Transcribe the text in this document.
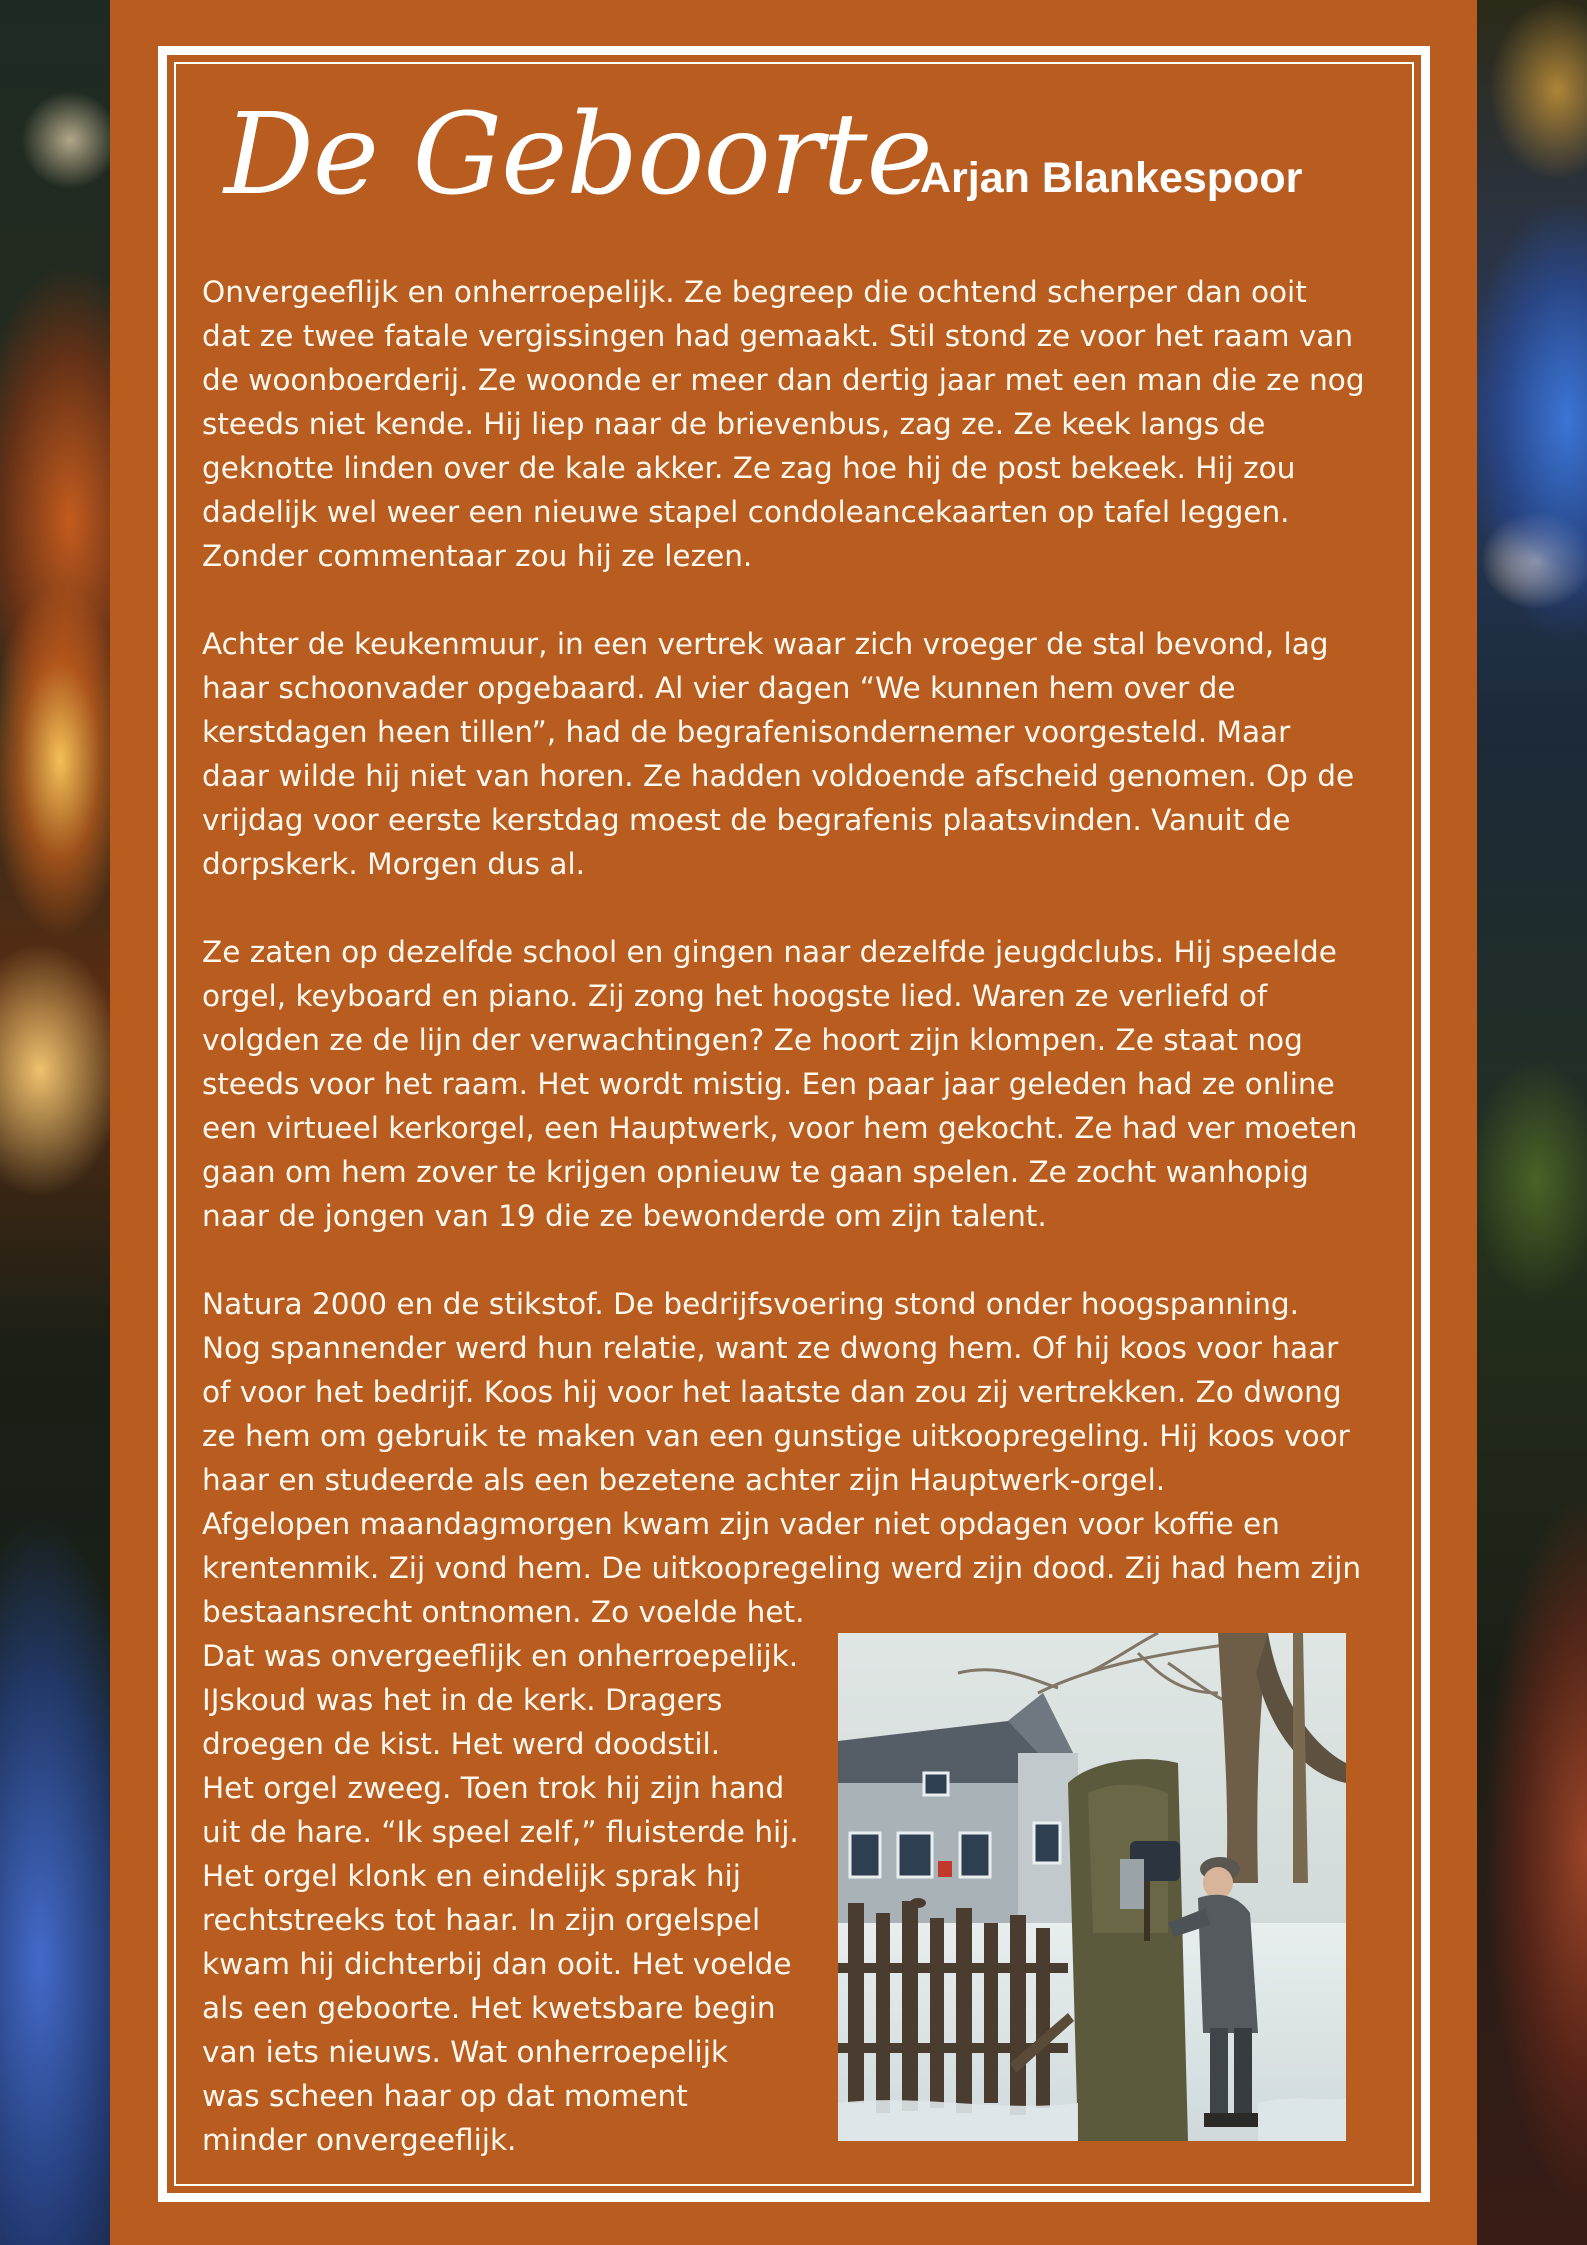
De Geboorte
Arjan Blankespoor

Onvergeeflijk en onherroepelijk. Ze begreep die ochtend scherper dan ooit
dat ze twee fatale vergissingen had gemaakt. Stil stond ze voor het raam van
de woonboerderij. Ze woonde er meer dan dertig jaar met een man die ze nog
steeds niet kende. Hij liep naar de brievenbus, zag ze. Ze keek langs de
geknotte linden over de kale akker. Ze zag hoe hij de post bekeek. Hij zou
dadelijk wel weer een nieuwe stapel condoleancekaarten op tafel leggen.
Zonder commentaar zou hij ze lezen.

Achter de keukenmuur, in een vertrek waar zich vroeger de stal bevond, lag
haar schoonvader opgebaard. Al vier dagen “We kunnen hem over de
kerstdagen heen tillen”, had de begrafenisondernemer voorgesteld. Maar
daar wilde hij niet van horen. Ze hadden voldoende afscheid genomen. Op de
vrijdag voor eerste kerstdag moest de begrafenis plaatsvinden. Vanuit de
dorpskerk. Morgen dus al.

Ze zaten op dezelfde school en gingen naar dezelfde jeugdclubs. Hij speelde
orgel, keyboard en piano. Zij zong het hoogste lied. Waren ze verliefd of
volgden ze de lijn der verwachtingen? Ze hoort zijn klompen. Ze staat nog
steeds voor het raam. Het wordt mistig. Een paar jaar geleden had ze online
een virtueel kerkorgel, een Hauptwerk, voor hem gekocht. Ze had ver moeten
gaan om hem zover te krijgen opnieuw te gaan spelen. Ze zocht wanhopig
naar de jongen van 19 die ze bewonderde om zijn talent.

Natura 2000 en de stikstof. De bedrijfsvoering stond onder hoogspanning.
Nog spannender werd hun relatie, want ze dwong hem. Of hij koos voor haar
of voor het bedrijf. Koos hij voor het laatste dan zou zij vertrekken. Zo dwong
ze hem om gebruik te maken van een gunstige uitkoopregeling. Hij koos voor
haar en studeerde als een bezetene achter zijn Hauptwerk-orgel.
Afgelopen maandagmorgen kwam zijn vader niet opdagen voor koffie en
krentenmik. Zij vond hem. De uitkoopregeling werd zijn dood. Zij had hem zijn
bestaansrecht ontnomen. Zo voelde het.

Dat was onvergeeflijk en onherroepelijk.
IJskoud was het in de kerk. Dragers
droegen de kist. Het werd doodstil.
Het orgel zweeg. Toen trok hij zijn hand
uit de hare. “Ik speel zelf,” fluisterde hij.
Het orgel klonk en eindelijk sprak hij
rechtstreeks tot haar. In zijn orgelspel
kwam hij dichterbij dan ooit. Het voelde
als een geboorte. Het kwetsbare begin
van iets nieuws. Wat onherroepelijk
was scheen haar op dat moment
minder onvergeeflijk.
